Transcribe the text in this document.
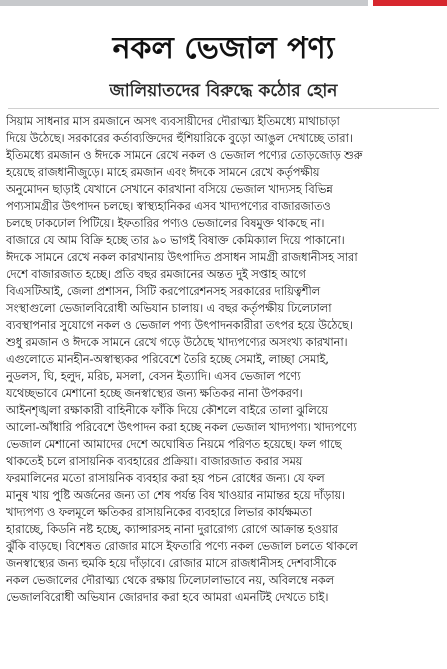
নকল ভেজাল পণ্য
জালিয়াতদের বিরুদ্ধে কঠোর হোন
সিয়াম সাধনার মাস রমজানে অসৎ ব্যবসায়ীদের দৌরাত্ম্য ইতিমধ্যে মাথাচাড়া
দিয়ে উঠেছে। সরকারের কর্তাব্যক্তিদের হুঁশিয়ারিকে বুড়ো আঙুল দেখাচ্ছে তারা।
ইতিমধ্যে রমজান ও ঈদকে সামনে রেখে নকল ও ভেজাল পণ্যের তোড়জোড় শুরু
হয়েছে রাজধানীজুড়ে। মাহে রমজান এবং ঈদকে সামনে রেখে কর্তৃপক্ষীয়
অনুমোদন ছাড়াই যেখানে সেখানে কারখানা বসিয়ে ভেজাল খাদ্যসহ বিভিন্ন
পণ্যসামগ্রীর উৎপাদন চলছে। স্বাস্থ্যহানিকর এসব খাদ্যপণ্যের বাজারজাতও
চলছে ঢাকঢোল পিটিয়ে। ইফতারির পণ্যও ভেজালের বিষমুক্ত থাকছে না।
বাজারে যে আম বিক্রি হচ্ছে তার ৯০ ভাগই বিষাক্ত কেমিক্যাল দিয়ে পাকানো।
ঈদকে সামনে রেখে নকল কারখানায় উৎপাদিত প্রসাধন সামগ্রী রাজধানীসহ সারা
দেশে বাজারজাত হচ্ছে। প্রতি বছর রমজানের অন্তত দুই সপ্তাহ আগে
বিএসটিআই, জেলা প্রশাসন, সিটি করপোরেশনসহ সরকারের দায়িত্বশীল
সংস্থাগুলো ভেজালবিরোধী অভিযান চালায়। এ বছর কর্তৃপক্ষীয় ঢিলেঢালা
ব্যবস্থাপনার সুযোগে নকল ও ভেজাল পণ্য উৎপাদনকারীরা তৎপর হয়ে উঠেছে।
শুধু রমজান ও ঈদকে সামনে রেখে গড়ে উঠেছে খাদ্যপণ্যের অসংখ্য কারখানা।
এগুলোতে মানহীন-অস্বাস্থ্যকর পরিবেশে তৈরি হচ্ছে সেমাই, লাচ্ছা সেমাই,
নুডলস, ঘি, হলুদ, মরিচ, মসলা, বেসন ইত্যাদি। এসব ভেজাল পণ্যে
যথেচ্ছভাবে মেশানো হচ্ছে জনস্বাস্থ্যের জন্য ক্ষতিকর নানা উপকরণ।
আইনশৃঙ্খলা রক্ষাকারী বাহিনীকে ফাঁকি দিয়ে কৌশলে বাইরে তালা ঝুলিয়ে
আলো-আঁধারি পরিবেশে উৎপাদন করা হচ্ছে নকল ভেজাল খাদ্যপণ্য। খাদ্যপণ্যে
ভেজাল মেশানো আমাদের দেশে অঘোষিত নিয়মে পরিণত হয়েছে। ফল গাছে
থাকতেই চলে রাসায়নিক ব্যবহারের প্রক্রিয়া। বাজারজাত করার সময়
ফরমালিনের মতো রাসায়নিক ব্যবহার করা হয় পচন রোধের জন্য। যে ফল
মানুষ খায় পুষ্টি অর্জনের জন্য তা শেষ পর্যন্ত বিষ খাওয়ার নামান্তর হয়ে দাঁড়ায়।
খাদ্যপণ্য ও ফলমূলে ক্ষতিকর রাসায়নিকের ব্যবহারে লিভার কার্যক্ষমতা
হারাচ্ছে, কিডনি নষ্ট হচ্ছে, ক্যান্সারসহ নানা দুরারোগ্য রোগে আক্রান্ত হওয়ার
ঝুঁকি বাড়ছে। বিশেষত রোজার মাসে ইফতারি পণ্যে নকল ভেজাল চলতে থাকলে
জনস্বাস্থ্যের জন্য হুমকি হয়ে দাঁড়াবে। রোজার মাসে রাজধানীসহ দেশবাসীকে
নকল ভেজালের দৌরাত্ম্য থেকে রক্ষায় ঢিলেঢালাভাবে নয়, অবিলম্বে নকল
ভেজালবিরোধী অভিযান জোরদার করা হবে আমরা এমনটিই দেখতে চাই।
